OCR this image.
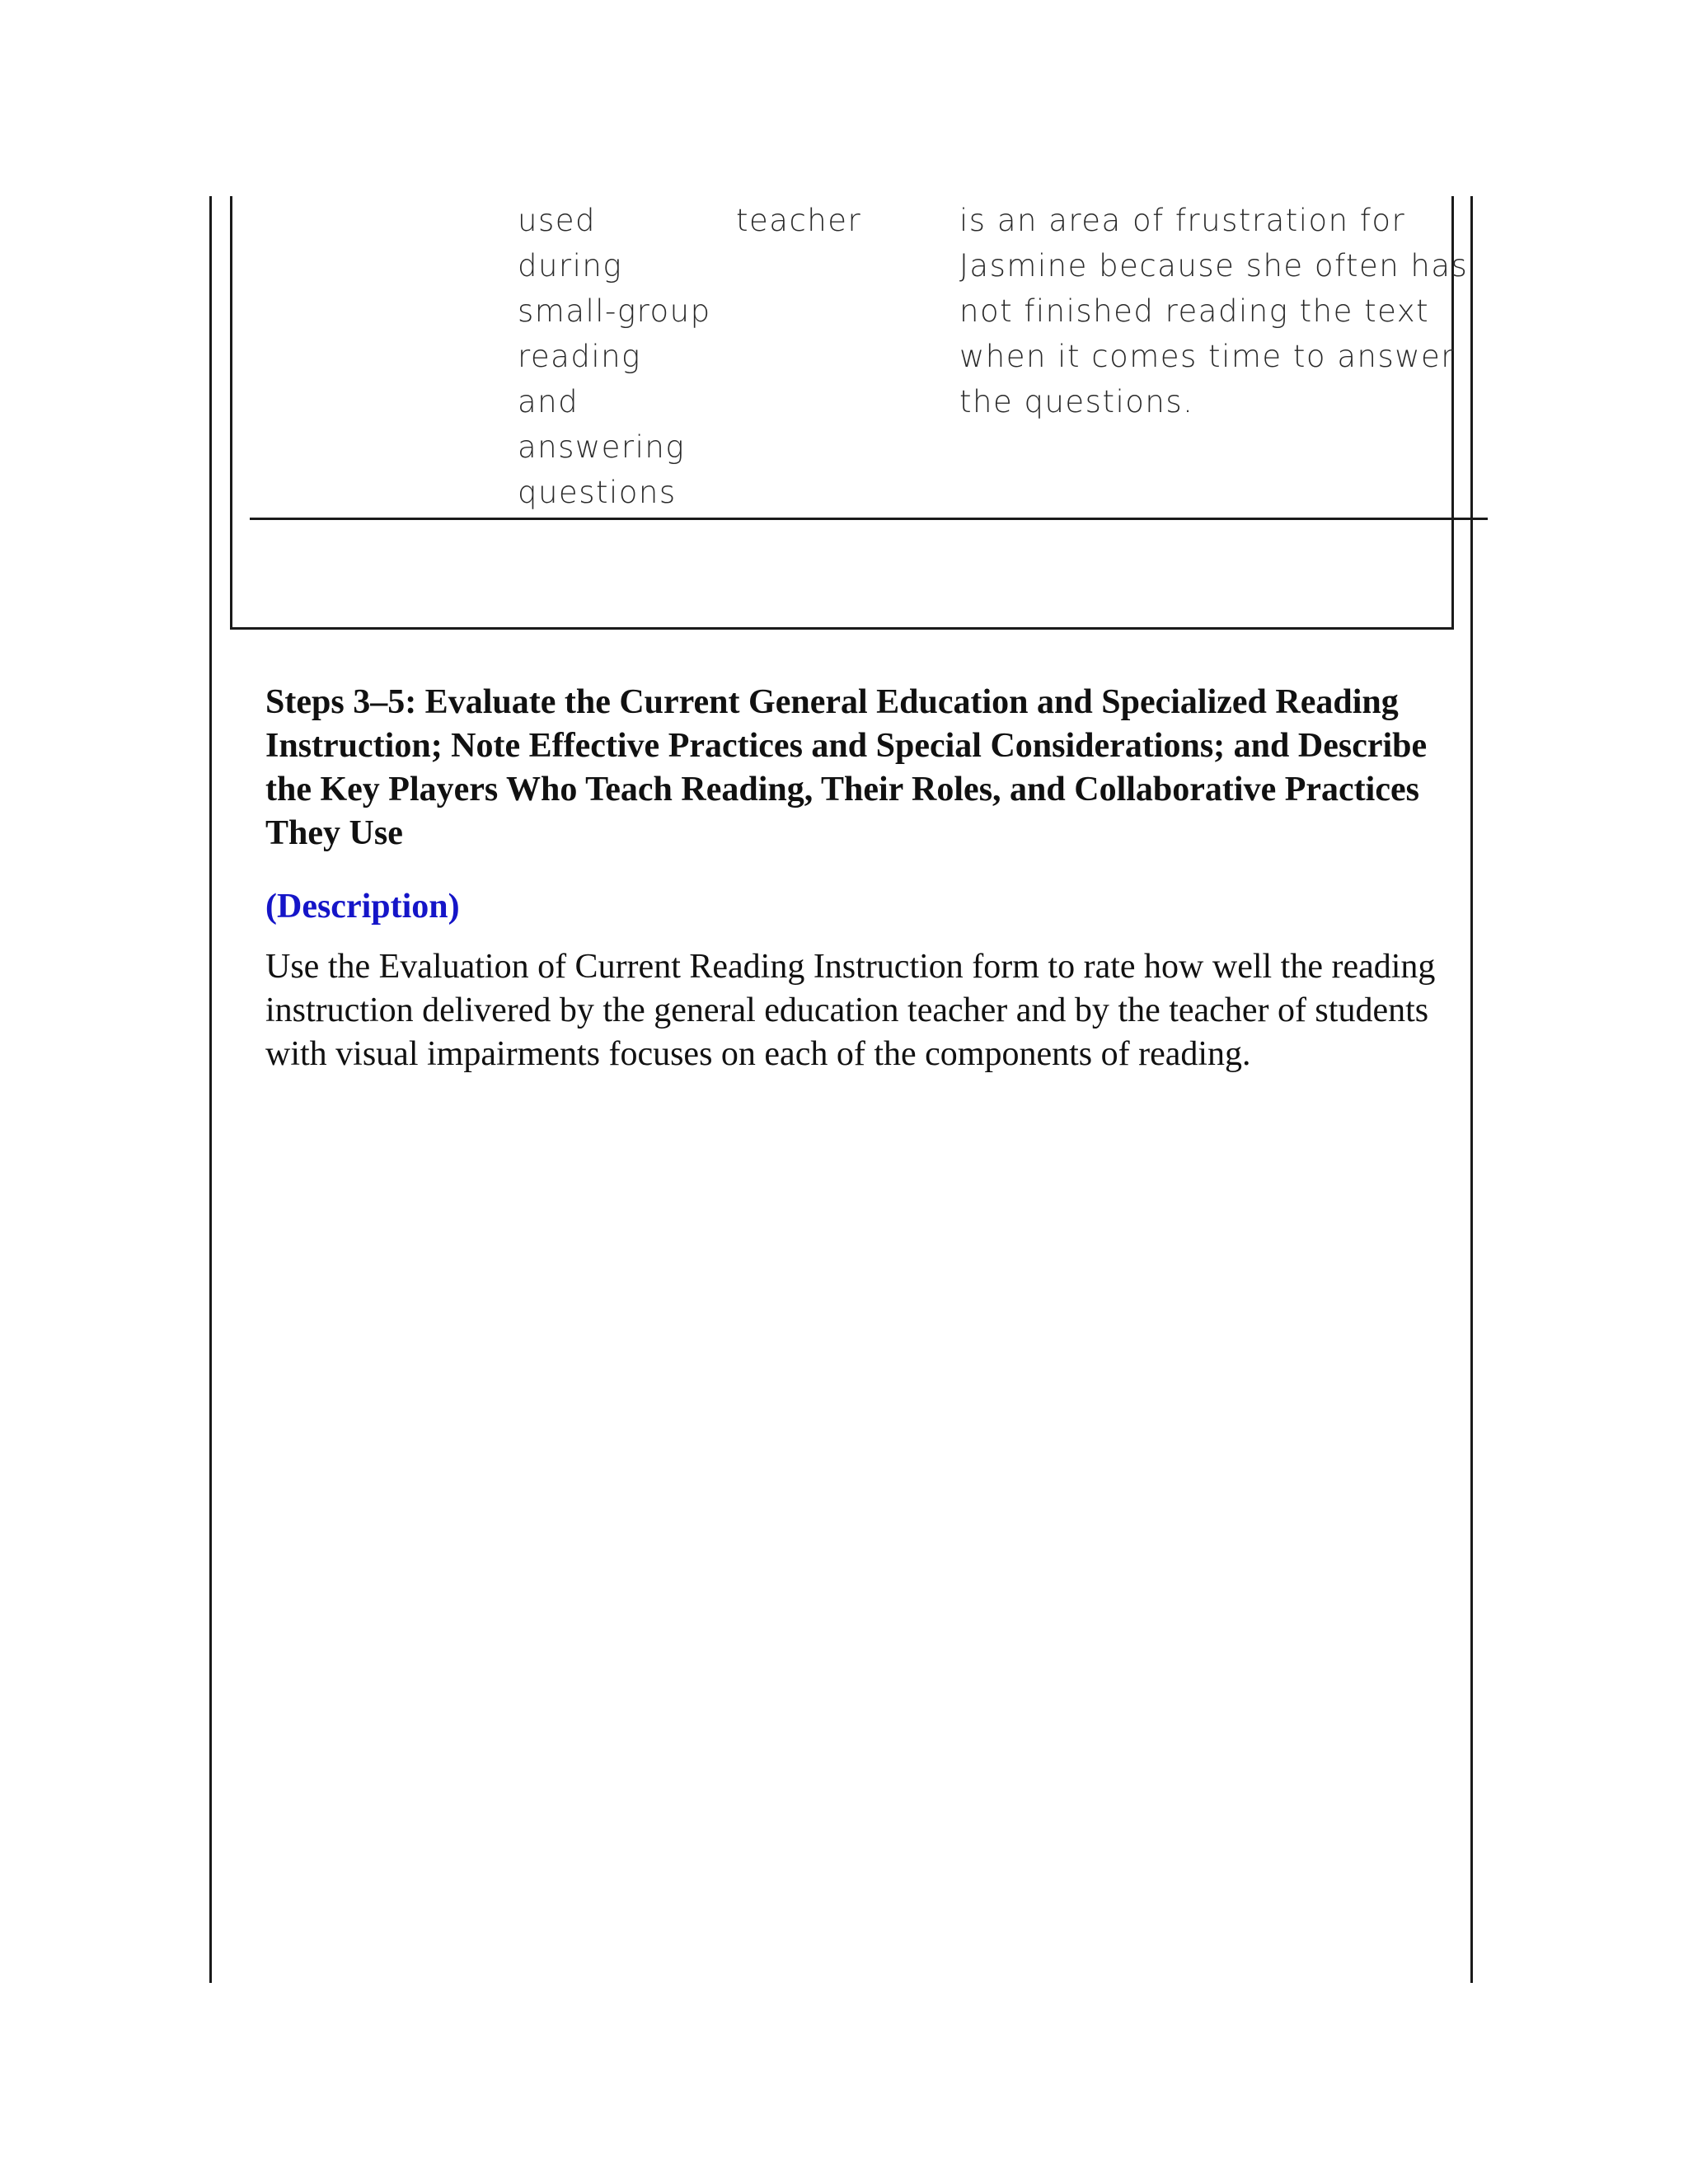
used
during
small-group
reading
and
answering
questions
teacher	is an area of frustration for
Jasmine because she often has
not finished reading the text
when it comes time to answer
the questions.
Steps 3–5: Evaluate the Current General Education and Specialized Reading Instruction; Note Effective Practices and Special Considerations; and Describe the Key Players Who Teach Reading, Their Roles, and Collaborative Practices They Use
(Description)

Use the Evaluation of Current Reading Instruction form to rate how well the reading instruction delivered by the general education teacher and by the teacher of students with visual impairments focuses on each of the components of reading.
